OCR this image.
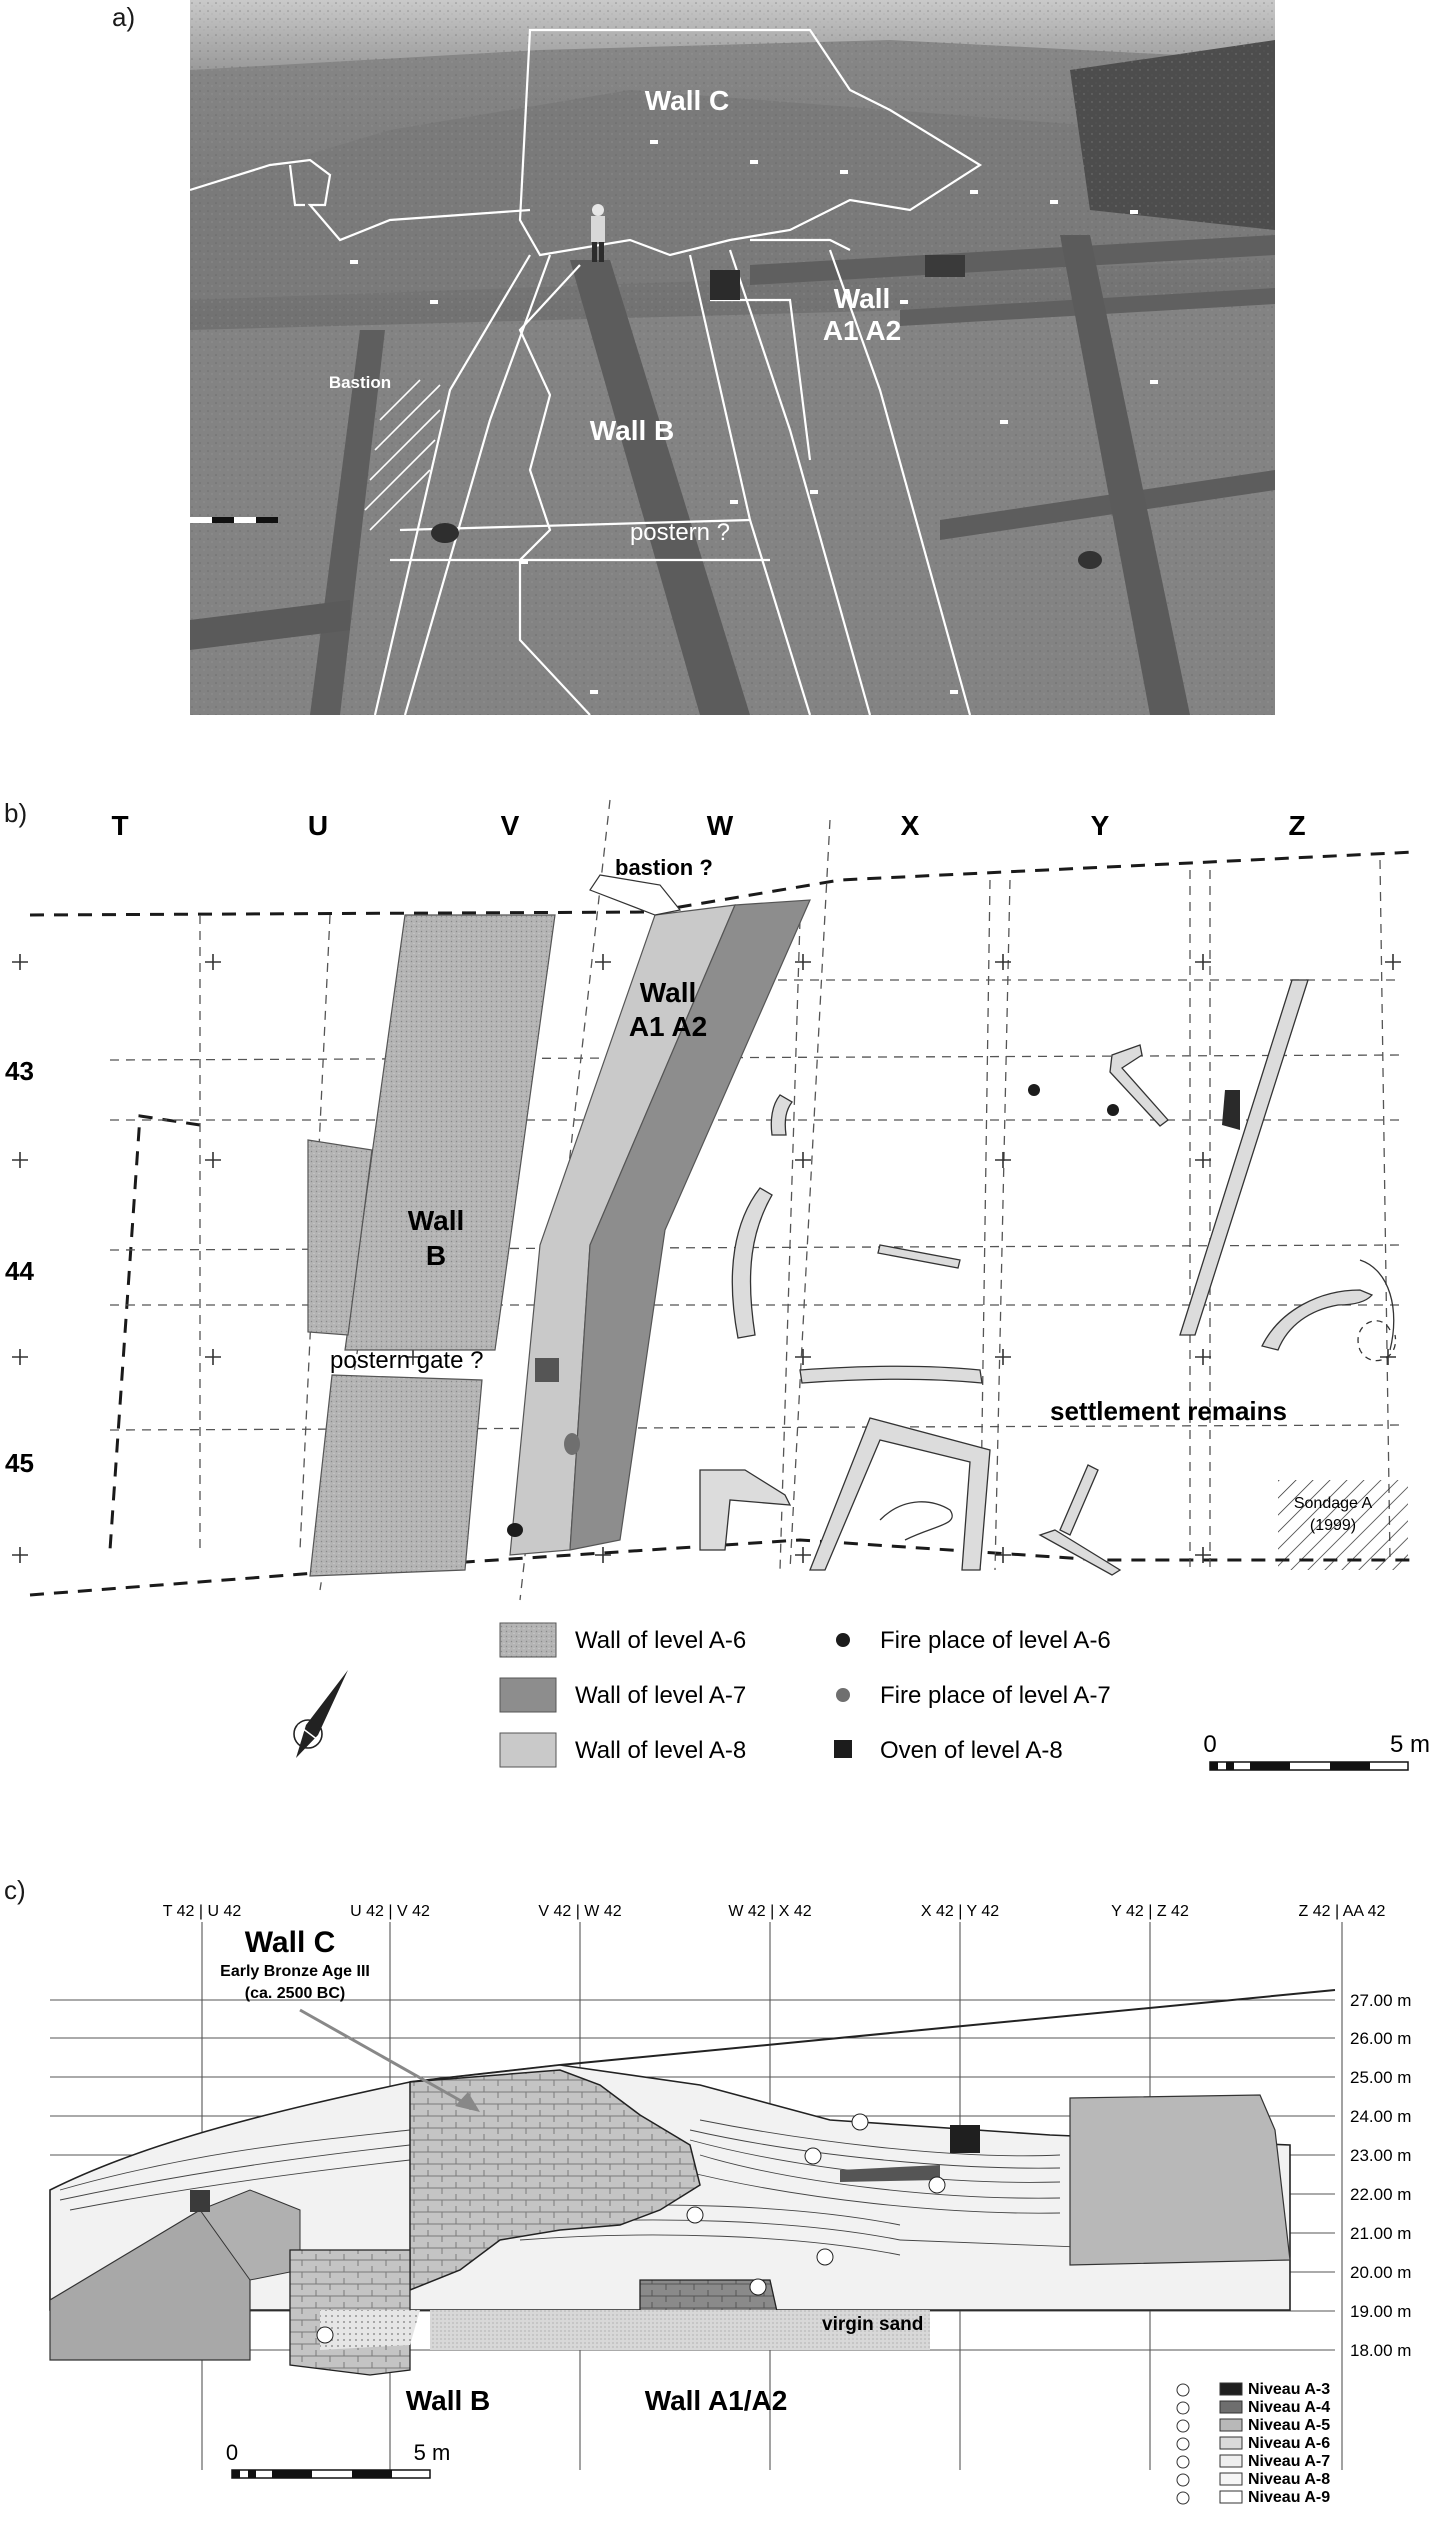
a)
b)
c)
Wall C
Wall
A1 A2
Bastion
Wall B
postern ?
T	U	V	W	X	Y	Z
43
44
45
bastion ?
Wall
A1 A2
Wall
B
postern gate ?
settlement remains
Sondage A
(1999)
Wall of level A-6
Wall of level A-7
Wall of level A-8
Fire place of level A-6
Fire place of level A-7
Oven of level A-8	0	5 m
T 42 | U 42	U 42 | V 42	V 42 | W 42	W 42 | X 42	X 42 | Y 42	Y 42 | Z 42	Z 42 | AA 42
27.00 m
26.00 m
25.00 m
24.00 m
23.00 m
22.00 m
21.00 m
20.00 m
19.00 m
18.00 m
Wall C
Early Bronze Age III
(ca. 2500 BC)
virgin sand
Wall B	Wall A1/A2	Niveau A-3
Niveau A-4
Niveau A-5
Niveau A-6
Niveau A-7
Niveau A-8
Niveau A-9
0	5 m
